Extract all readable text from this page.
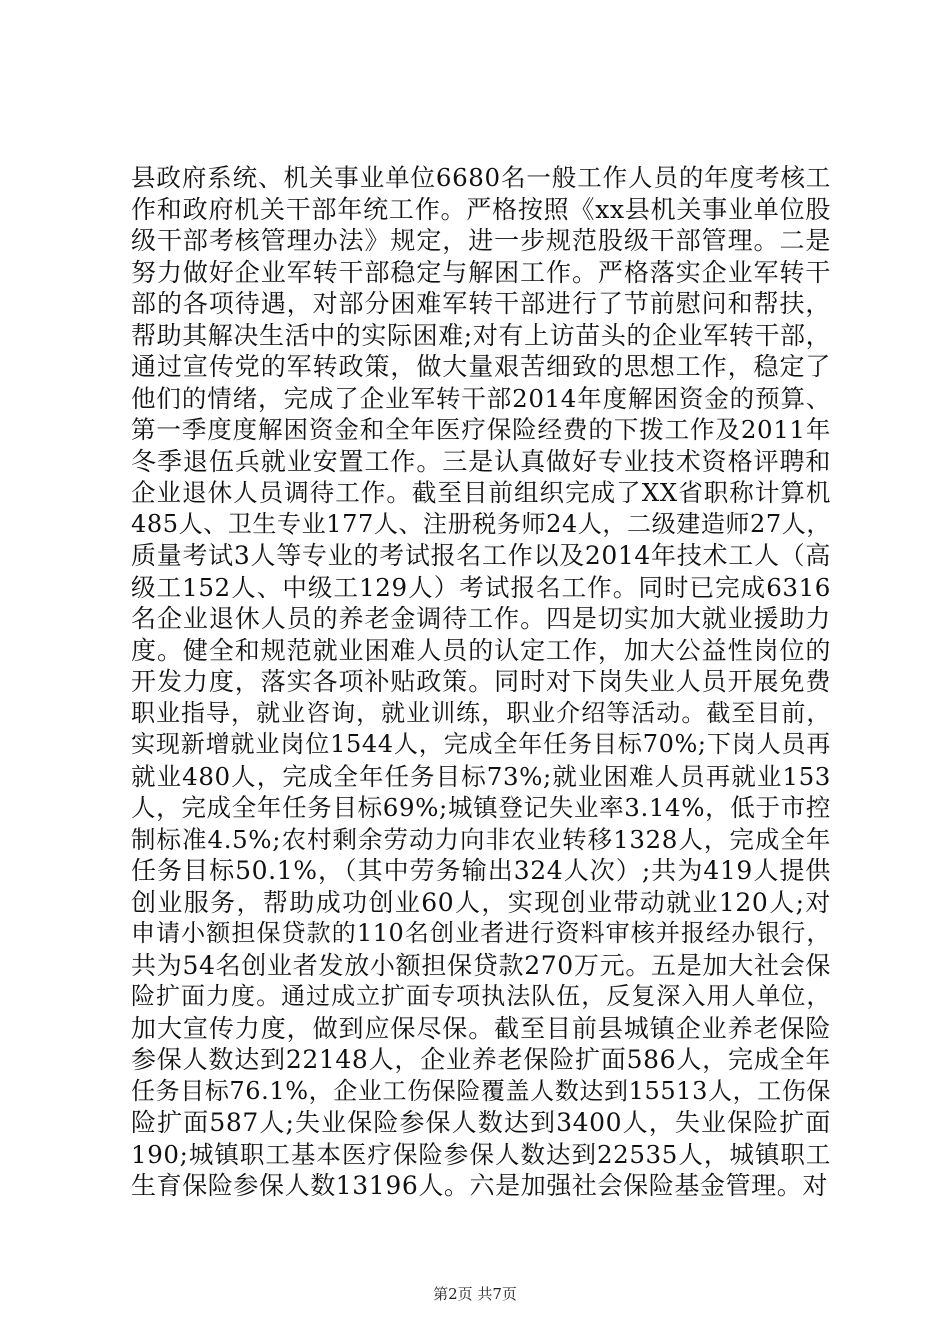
县政府系统、机关事业单位6680名一般工作人员的年度考核工
作和政府机关干部年统工作。严格按照《xx县机关事业单位股
级干部考核管理办法》规定，进一步规范股级干部管理。二是
努力做好企业军转干部稳定与解困工作。严格落实企业军转干
部的各项待遇，对部分困难军转干部进行了节前慰问和帮扶，
帮助其解决生活中的实际困难;对有上访苗头的企业军转干部，
通过宣传党的军转政策，做大量艰苦细致的思想工作，稳定了
他们的情绪，完成了企业军转干部2014年度解困资金的预算、
第一季度度解困资金和全年医疗保险经费的下拨工作及2011年
冬季退伍兵就业安置工作。三是认真做好专业技术资格评聘和
企业退休人员调待工作。截至目前组织完成了XX省职称计算机
485人、卫生专业177人、注册税务师24人，二级建造师27人，
质量考试3人等专业的考试报名工作以及2014年技术工人（高
级工152人、中级工129人）考试报名工作。同时已完成6316
名企业退休人员的养老金调待工作。四是切实加大就业援助力
度。健全和规范就业困难人员的认定工作，加大公益性岗位的
开发力度，落实各项补贴政策。同时对下岗失业人员开展免费
职业指导，就业咨询，就业训练，职业介绍等活动。截至目前，
实现新增就业岗位1544人，完成全年任务目标70%;下岗人员再
就业480人，完成全年任务目标73%;就业困难人员再就业153
人，完成全年任务目标69%;城镇登记失业率3.14%，低于市控
制标准4.5%;农村剩余劳动力向非农业转移1328人，完成全年
任务目标50.1%，（其中劳务输出324人次）;共为419人提供
创业服务，帮助成功创业60人，实现创业带动就业120人;对
申请小额担保贷款的110名创业者进行资料审核并报经办银行，
共为54名创业者发放小额担保贷款270万元。五是加大社会保
险扩面力度。通过成立扩面专项执法队伍，反复深入用人单位，
加大宣传力度，做到应保尽保。截至目前县城镇企业养老保险
参保人数达到22148人，企业养老保险扩面586人，完成全年
任务目标76.1%，企业工伤保险覆盖人数达到15513人，工伤保
险扩面587人;失业保险参保人数达到3400人，失业保险扩面
190;城镇职工基本医疗保险参保人数达到22535人，城镇职工
生育保险参保人数13196人。六是加强社会保险基金管理。对
第2页 共7页
